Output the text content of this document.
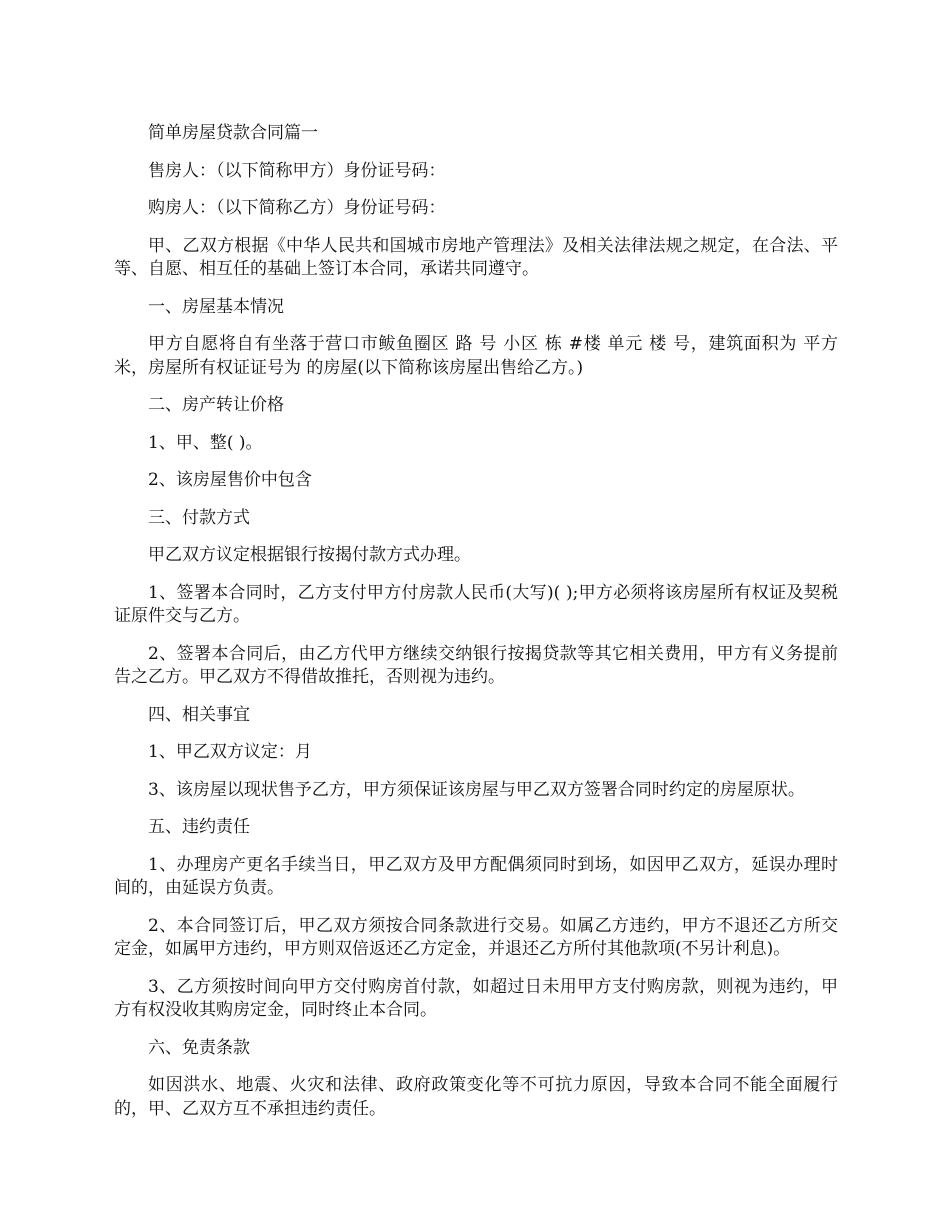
简单房屋贷款合同篇一

售房人：（以下简称甲方）身份证号码：

购房人：（以下简称乙方）身份证号码：

甲、乙双方根据《中华人民共和国城市房地产管理法》及相关法律法规之规定，在合法、平等、自愿、相互任的基础上签订本合同，承诺共同遵守。

一、房屋基本情况

甲方自愿将自有坐落于营口市鲅鱼圈区 路 号 小区 栋 #楼 单元 楼 号，建筑面积为 平方米，房屋所有权证证号为 的房屋(以下简称该房屋出售给乙方。)

二、房产转让价格

1、甲、整( )。

2、该房屋售价中包含

三、付款方式

甲乙双方议定根据银行按揭付款方式办理。

1、签署本合同时，乙方支付甲方付房款人民币(大写)( );甲方必须将该房屋所有权证及契税证原件交与乙方。

2、签署本合同后，由乙方代甲方继续交纳银行按揭贷款等其它相关费用，甲方有义务提前告之乙方。甲乙双方不得借故推托，否则视为违约。

四、相关事宜

1、甲乙双方议定：月

3、该房屋以现状售予乙方，甲方须保证该房屋与甲乙双方签署合同时约定的房屋原状。

五、违约责任

1、办理房产更名手续当日，甲乙双方及甲方配偶须同时到场，如因甲乙双方，延误办理时间的，由延误方负责。

2、本合同签订后，甲乙双方须按合同条款进行交易。如属乙方违约，甲方不退还乙方所交定金，如属甲方违约，甲方则双倍返还乙方定金，并退还乙方所付其他款项(不另计利息)。

3、乙方须按时间向甲方交付购房首付款，如超过日未用甲方支付购房款，则视为违约，甲方有权没收其购房定金，同时终止本合同。

六、免责条款

如因洪水、地震、火灾和法律、政府政策变化等不可抗力原因，导致本合同不能全面履行的，甲、乙双方互不承担违约责任。
